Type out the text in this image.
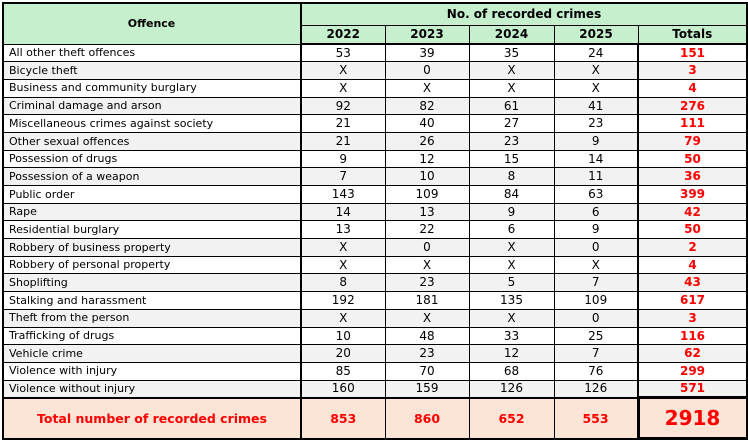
Offence	No. of recorded crimes				
	2022	2023	2024	2025	Totals
All other theft offences	53	39	35	24	151
Bicycle theft	X	0	X	X	3
Business and community burglary	X	X	X	X	4
Criminal damage and arson	92	82	61	41	276
Miscellaneous crimes against society	21	40	27	23	111
Other sexual offences	21	26	23	9	79
Possession of drugs	9	12	15	14	50
Possession of a weapon	7	10	8	11	36
Public order	143	109	84	63	399
Rape	14	13	9	6	42
Residential burglary	13	22	6	9	50
Robbery of business property	X	0	X	0	2
Robbery of personal property	X	X	X	X	4
Shoplifting	8	23	5	7	43
Stalking and harassment	192	181	135	109	617
Theft from the person	X	X	X	0	3
Trafficking of drugs	10	48	33	25	116
Vehicle crime	20	23	12	7	62
Violence with injury	85	70	68	76	299
Violence without injury	160	159	126	126	571
Total number of recorded crimes	853	860	652	553	2918
